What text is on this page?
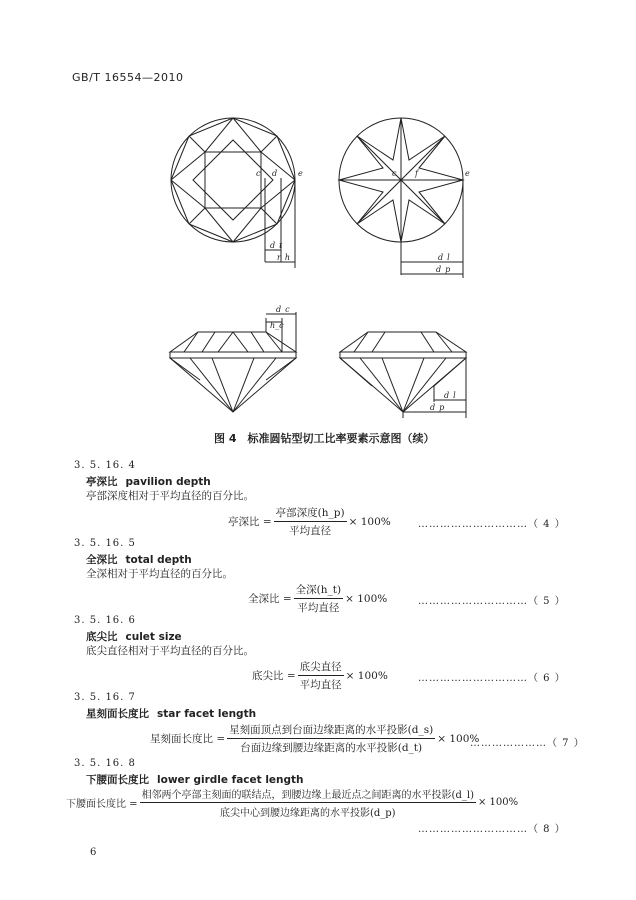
GB/T 16554—2010
c d	e
d_t
r_h
c f	e
d_l
d_p
d_c
h_c
d_l
d_p
图 4　标准圆钻型切工比率要素示意图（续）
3. 5. 16. 4
亭深比 pavilion depth
亭部深度相对于平均直径的百分比。
亭深比 = $\frac{\text{亭部深度(h\_p)}}{\text{平均直径}} \times 100\%$	…………………………（ 4 ）
3. 5. 16. 5
全深比 total depth
全深相对于平均直径的百分比。
全深比 = $\frac{\text{全深(h\_t)}}{\text{平均直径}} \times 100\%$	…………………………（ 5 ）
3. 5. 16. 6
底尖比 culet size
底尖直径相对于平均直径的百分比。
底尖比 = $\frac{\text{底尖直径}}{\text{平均直径}} \times 100\%$	…………………………（ 6 ）
3. 5. 16. 7
星刻面长度比 star facet length
星刻面长度比 = $\frac{\text{星刻面顶点到台面边缘距离的水平投影(d\_s)}}{\text{台面边缘到腰边缘距离的水平投影(d\_t)}} \times 100\%$
…………………（ 7 ）
3. 5. 16. 8
下腰面长度比 lower girdle facet length
下腰面长度比 = $\frac{\text{相邻两个亭部主刻面的联结点，到腰边缘上最近点之间距离的水平投影(d\_l)}}{\text{底尖中心到腰边缘距离的水平投影(d\_p)}} \times 100\%$
…………………………（ 8 ）
6
